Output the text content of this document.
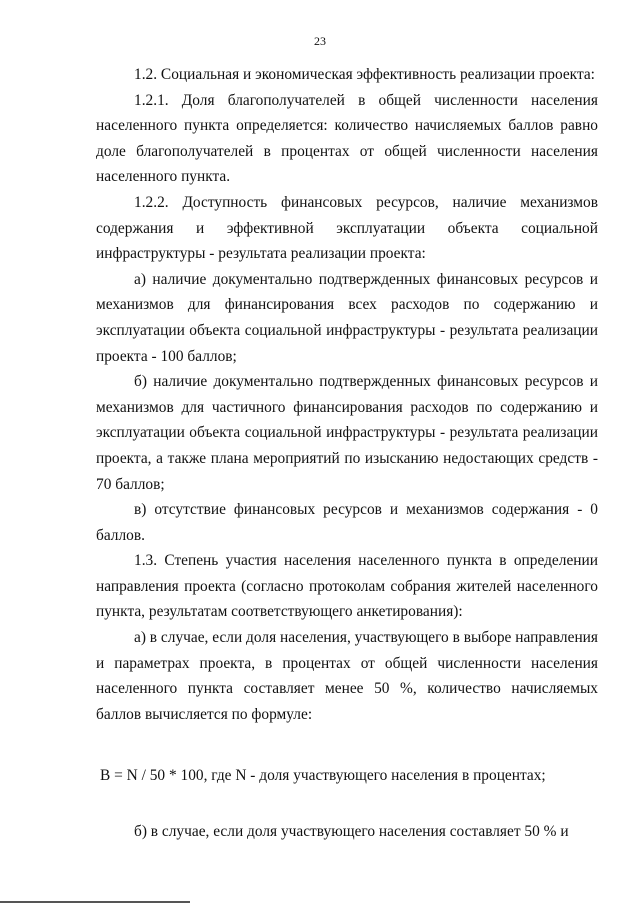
23

1.2. Социальная и экономическая эффективность реализации проекта:

1.2.1. Доля благополучателей в общей численности населения населенного пункта определяется: количество начисляемых баллов равно доле благополучателей в процентах от общей численности населения населенного пункта.

1.2.2. Доступность финансовых ресурсов, наличие механизмов содержания и эффективной эксплуатации объекта социальной инфраструктуры - результата реализации проекта:

а) наличие документально подтвержденных финансовых ресурсов и механизмов для финансирования всех расходов по содержанию и эксплуатации объекта социальной инфраструктуры - результата реализации проекта - 100 баллов;

б) наличие документально подтвержденных финансовых ресурсов и механизмов для частичного финансирования расходов по содержанию и эксплуатации объекта социальной инфраструктуры - результата реализации проекта, а также плана мероприятий по изысканию недостающих средств - 70 баллов;

в) отсутствие финансовых ресурсов и механизмов содержания - 0 баллов.

1.3. Степень участия населения населенного пункта в определении направления проекта (согласно протоколам собрания жителей населенного пункта, результатам соответствующего анкетирования):

а) в случае, если доля населения, участвующего в выборе направления и параметрах проекта, в процентах от общей численности населения населенного пункта составляет менее 50 %, количество начисляемых баллов вычисляется по формуле:

B = N / 50 * 100, где N - доля участвующего населения в процентах;

б) в случае, если доля участвующего населения составляет 50 % и
